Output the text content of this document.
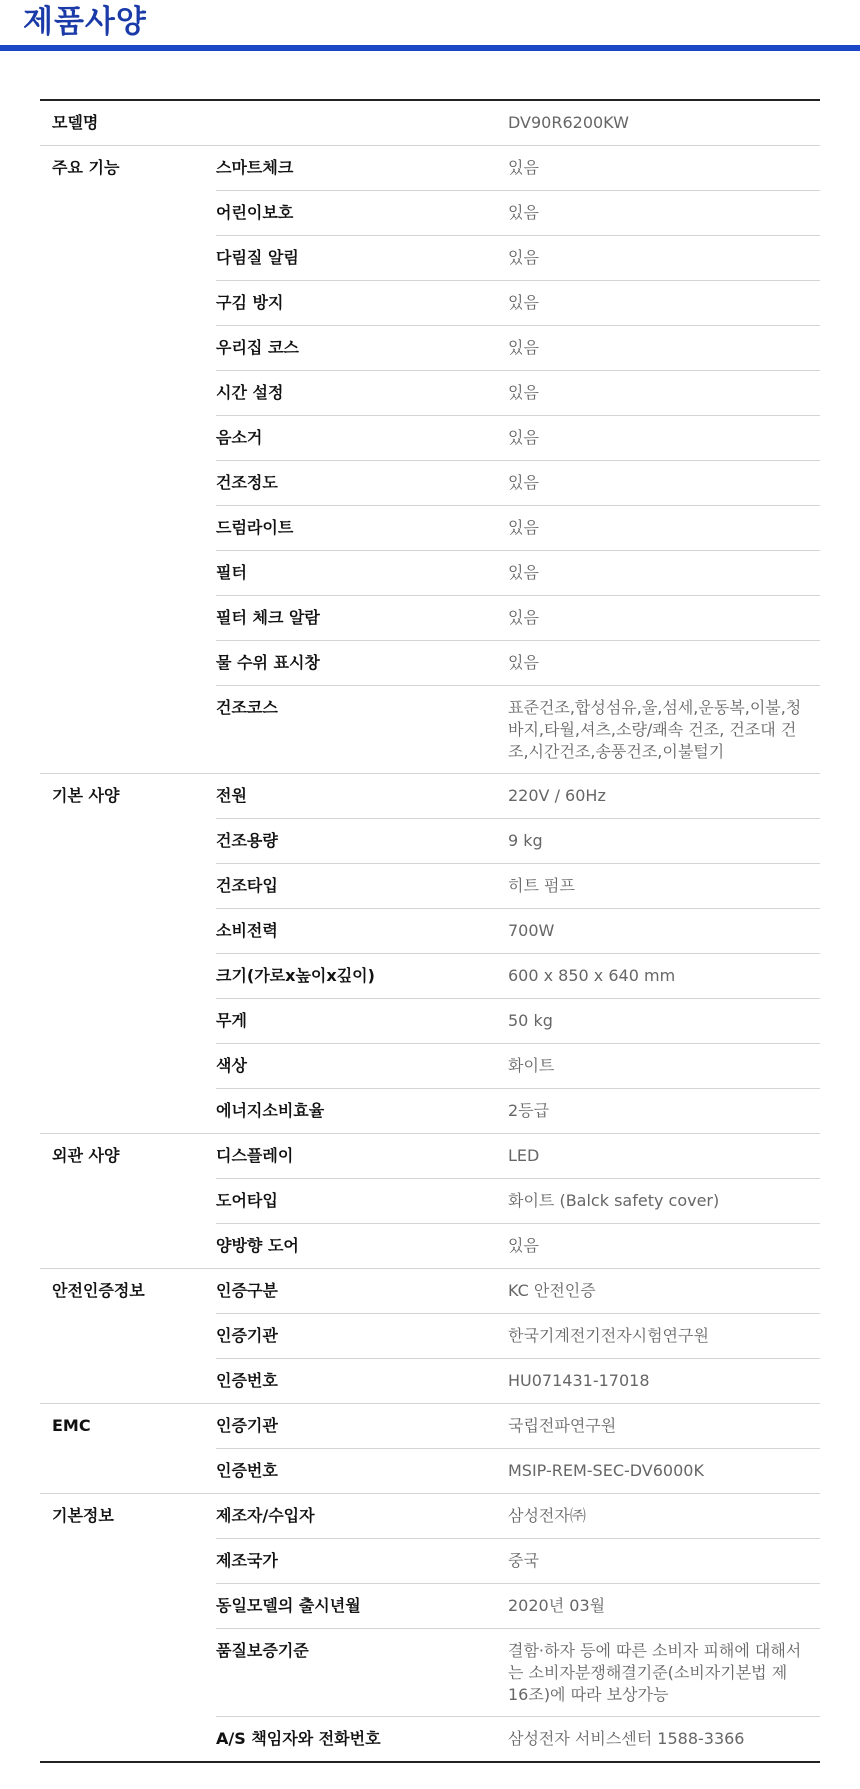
제품사양
모델명	DV90R6200KW
주요 기능	스마트체크	있음
어린이보호	있음
다림질 알림	있음
구김 방지	있음
우리집 코스	있음
시간 설정	있음
음소거	있음
건조정도	있음
드럼라이트	있음
필터	있음
필터 체크 알람	있음
물 수위 표시창	있음
건조코스	표준건조,합성섬유,울,섬세,운동복,이불,청바지,타월,셔츠,소량/쾌속 건조, 건조대 건조,시간건조,송풍건조,이불털기
기본 사양	전원	220V / 60Hz
건조용량	9 kg
건조타입	히트 펌프
소비전력	700W
크기(가로x높이x깊이)	600 x 850 x 640 mm
무게	50 kg
색상	화이트
에너지소비효율	2등급
외관 사양	디스플레이	LED
도어타입	화이트 (Balck safety cover)
양방향 도어	있음
안전인증정보	인증구분	KC 안전인증
인증기관	한국기계전기전자시험연구원
인증번호	HU071431-17018
EMC	인증기관	국립전파연구원
인증번호	MSIP-REM-SEC-DV6000K
기본정보	제조자/수입자	삼성전자㈜
제조국가	중국
동일모델의 출시년월	2020년 03월
품질보증기준	결함·하자 등에 따른 소비자 피해에 대해서는 소비자분쟁해결기준(소비자기본법 제 16조)에 따라 보상가능
A/S 책임자와 전화번호	삼성전자 서비스센터 1588-3366
